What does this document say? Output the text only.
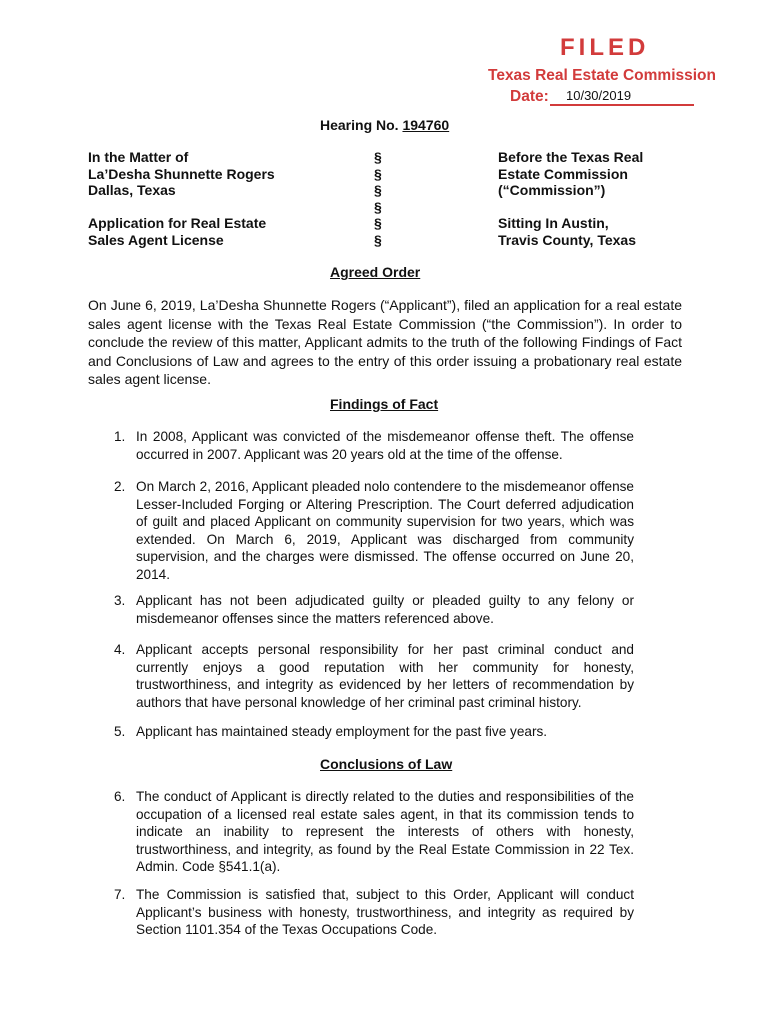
FILED
Texas Real Estate Commission
Date: 10/30/2019
Hearing No. 194760
In the Matter of
La’Desha Shunnette Rogers
Dallas, Texas
Application for Real Estate
Sales Agent License
§
§
§
§
§
§
Before the Texas Real
Estate Commission
(“Commission”)
Sitting In Austin,
Travis County, Texas
Agreed Order
On June 6, 2019, La’Desha Shunnette Rogers (“Applicant”), filed an application for a real estate sales agent license with the Texas Real Estate Commission (“the Commission”). In order to conclude the review of this matter, Applicant admits to the truth of the following Findings of Fact and Conclusions of Law and agrees to the entry of this order issuing a probationary real estate sales agent license.
Findings of Fact
1. In 2008, Applicant was convicted of the misdemeanor offense theft. The offense occurred in 2007. Applicant was 20 years old at the time of the offense.
2. On March 2, 2016, Applicant pleaded nolo contendere to the misdemeanor offense Lesser-Included Forging or Altering Prescription. The Court deferred adjudication of guilt and placed Applicant on community supervision for two years, which was extended. On March 6, 2019, Applicant was discharged from community supervision, and the charges were dismissed. The offense occurred on June 20, 2014.
3. Applicant has not been adjudicated guilty or pleaded guilty to any felony or misdemeanor offenses since the matters referenced above.
4. Applicant accepts personal responsibility for her past criminal conduct and currently enjoys a good reputation with her community for honesty, trustworthiness, and integrity as evidenced by her letters of recommendation by authors that have personal knowledge of her criminal past criminal history.
5. Applicant has maintained steady employment for the past five years.
Conclusions of Law
6. The conduct of Applicant is directly related to the duties and responsibilities of the occupation of a licensed real estate sales agent, in that its commission tends to indicate an inability to represent the interests of others with honesty, trustworthiness, and integrity, as found by the Real Estate Commission in 22 Tex. Admin. Code §541.1(a).
7. The Commission is satisfied that, subject to this Order, Applicant will conduct Applicant’s business with honesty, trustworthiness, and integrity as required by Section 1101.354 of the Texas Occupations Code.
